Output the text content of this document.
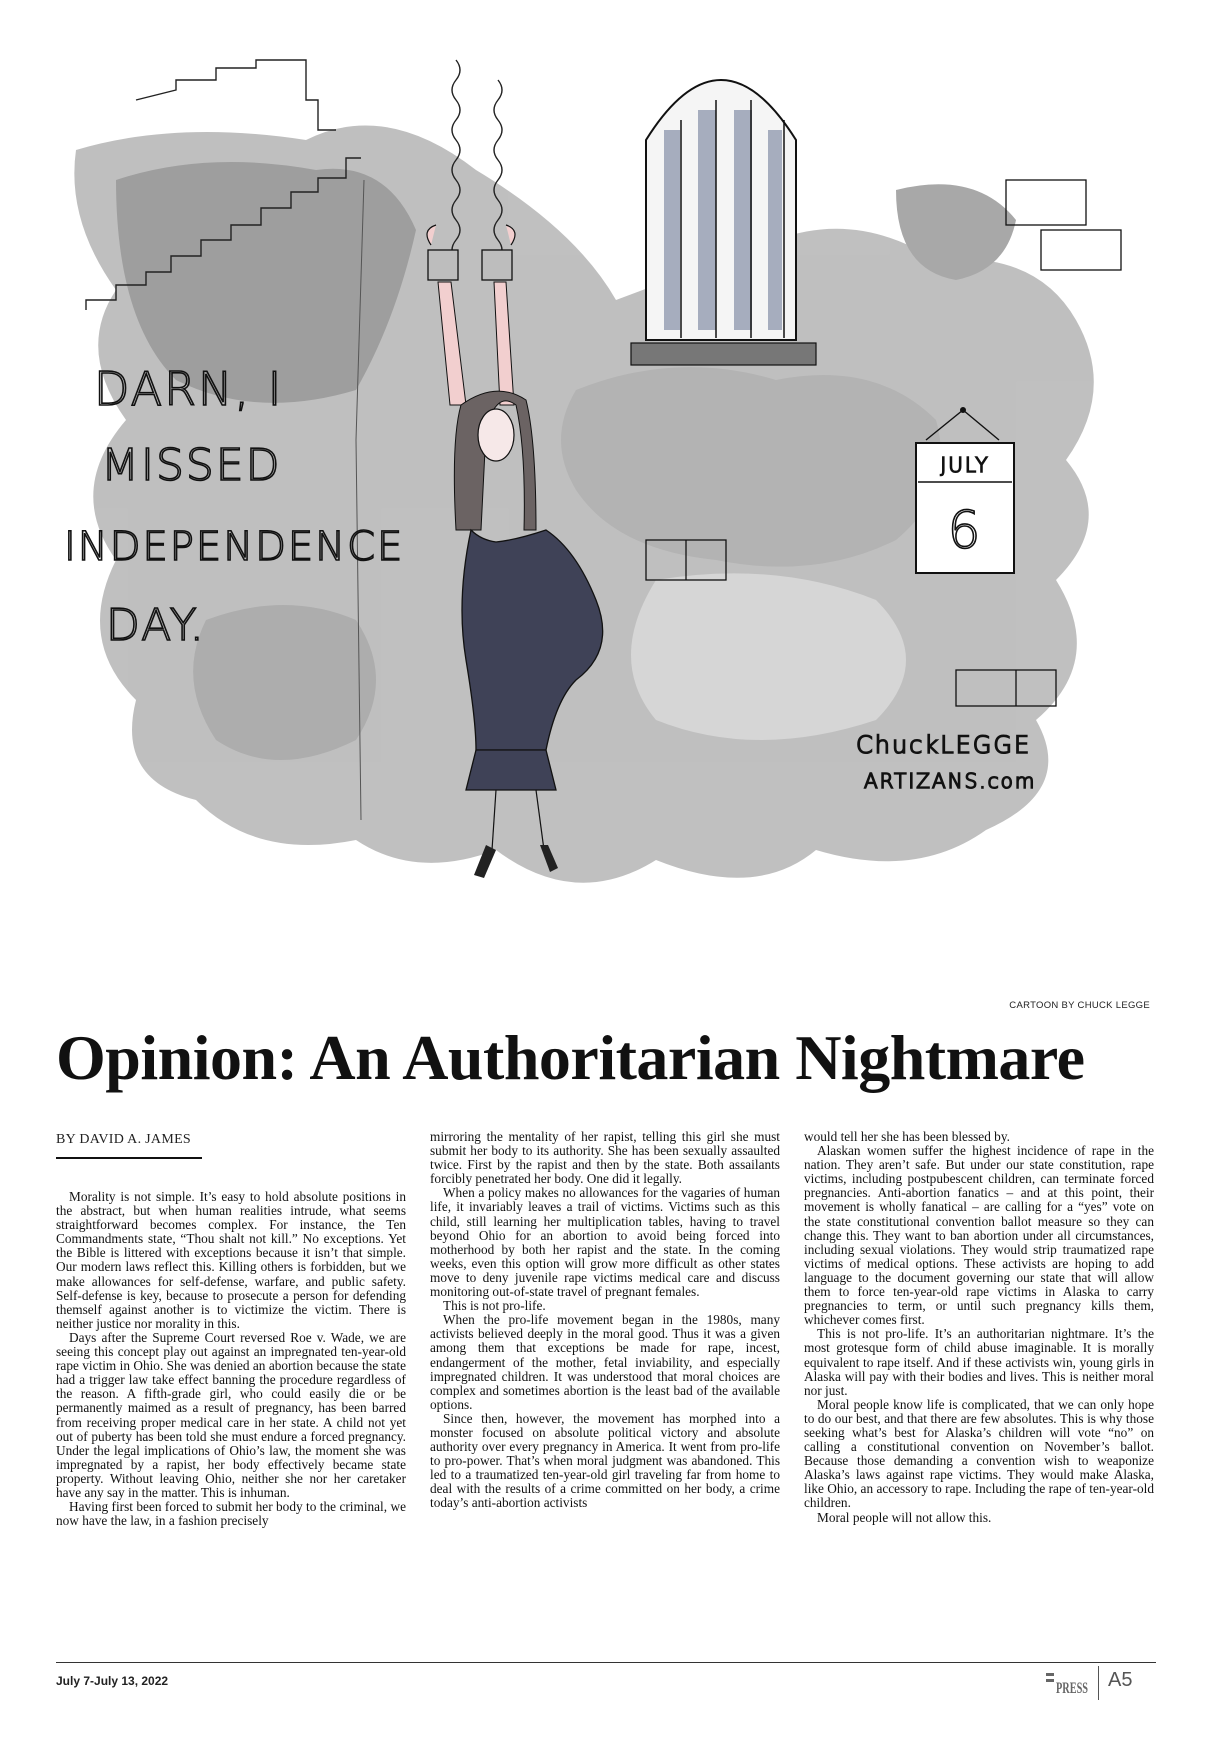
JULY
6
DARN, I
MISSED
INDEPENDENCE
DAY.
ChuckLEGGE
ARTIZANS.com
CARTOON BY CHUCK LEGGE
Opinion: An Authoritarian Nightmare
BY DAVID A. JAMES

Morality is not simple. It’s easy to hold absolute positions in the abstract, but when human realities intrude, what seems straightforward becomes complex. For instance, the Ten Commandments state, “Thou shalt not kill.” No exceptions. Yet the Bible is littered with exceptions because it isn’t that simple. Our modern laws reflect this. Killing others is forbidden, but we make allowances for self-defense, warfare, and public safety. Self-defense is key, because to prosecute a person for defending themself against another is to victimize the victim. There is neither justice nor morality in this.

Days after the Supreme Court reversed Roe v. Wade, we are seeing this concept play out against an impregnated ten-year-old rape victim in Ohio. She was denied an abortion because the state had a trigger law take effect banning the procedure regardless of the reason. A fifth-grade girl, who could easily die or be permanently maimed as a result of pregnancy, has been barred from receiving proper medical care in her state. A child not yet out of puberty has been told she must endure a forced pregnancy. Under the legal implications of Ohio’s law, the moment she was impregnated by a rapist, her body effectively became state property. Without leaving Ohio, neither she nor her caretaker have any say in the matter. This is inhuman.

Having first been forced to submit her body to the criminal, we now have the law, in a fashion precisely

mirroring the mentality of her rapist, telling this girl she must submit her body to its authority. She has been sexually assaulted twice. First by the rapist and then by the state. Both assailants forcibly penetrated her body. One did it legally.

When a policy makes no allowances for the vagaries of human life, it invariably leaves a trail of victims. Victims such as this child, still learning her multiplication tables, having to travel beyond Ohio for an abortion to avoid being forced into motherhood by both her rapist and the state. In the coming weeks, even this option will grow more difficult as other states move to deny juvenile rape victims medical care and discuss monitoring out-of-state travel of pregnant females.

This is not pro-life.

When the pro-life movement began in the 1980s, many activists believed deeply in the moral good. Thus it was a given among them that exceptions be made for rape, incest, endangerment of the mother, fetal inviability, and especially impregnated children. It was understood that moral choices are complex and sometimes abortion is the least bad of the available options.

Since then, however, the movement has morphed into a monster focused on absolute political victory and absolute authority over every pregnancy in America. It went from pro-life to pro-power. That’s when moral judgment was abandoned. This led to a traumatized ten-year-old girl traveling far from home to deal with the results of a crime committed on her body, a crime today’s anti-abortion activists

would tell her she has been blessed by.

Alaskan women suffer the highest incidence of rape in the nation. They aren’t safe. But under our state constitution, rape victims, including postpubescent children, can terminate forced pregnancies. Anti-abortion fanatics – and at this point, their movement is wholly fanatical – are calling for a “yes” vote on the state constitutional convention ballot measure so they can change this. They want to ban abortion under all circumstances, including sexual violations. They would strip traumatized rape victims of medical options. These activists are hoping to add language to the document governing our state that will allow them to force ten-year-old rape victims in Alaska to carry pregnancies to term, or until such pregnancy kills them, whichever comes first.

This is not pro-life. It’s an authoritarian nightmare. It’s the most grotesque form of child abuse imaginable. It is morally equivalent to rape itself. And if these activists win, young girls in Alaska will pay with their bodies and lives. This is neither moral nor just.

Moral people know life is complicated, that we can only hope to do our best, and that there are few absolutes. This is why those seeking what’s best for Alaska’s children will vote “no” on calling a constitutional convention on November’s ballot. Because those demanding a convention wish to weaponize Alaska’s laws against rape victims. They would make Alaska, like Ohio, an accessory to rape. Including the rape of ten-year-old children.

Moral people will not allow this.

July 7-July 13, 2022	PRESS A5
